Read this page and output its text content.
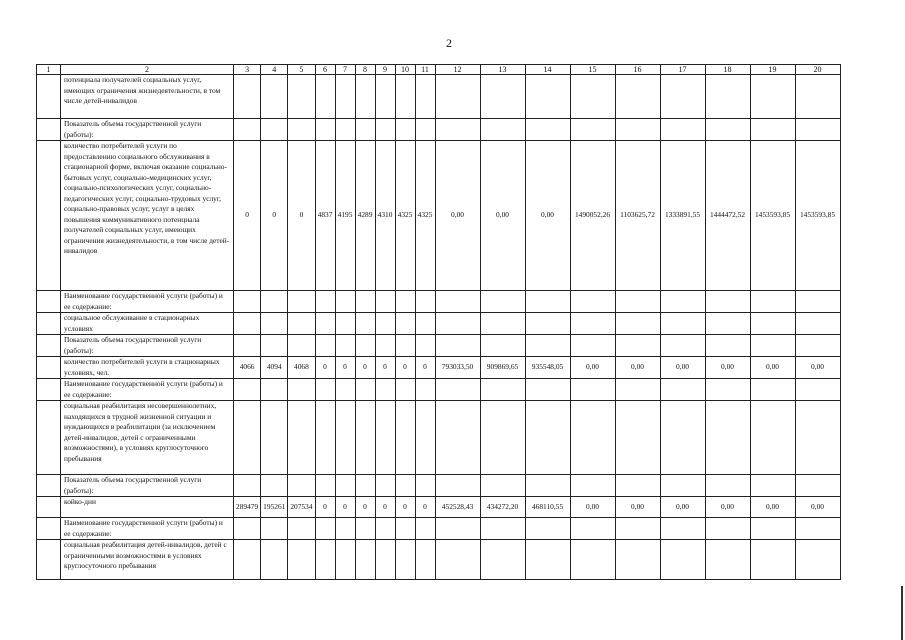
2
1	2	3	4	5	6	7	8	9	10	11	12	13	14	15	16	17	18	19	20
	потенциала получателей социальных услуг, имеющих ограничения жизнедеятельности, в том числе детей-инвалидов																		
	Показатель объема государственной услуги (работы):																		
	количество потребителей услуги по предоставлению социального обслуживания в стационарной форме, включая оказание социально-бытовых услуг, социально-медицинских услуг, социально-психологических услуг, социально-педагогических услуг, социально-трудовых услуг, социально-правовых услуг, услуг в целях повышения коммуникативного потенциала получателей социальных услуг, имеющих ограничения жизнедеятельности, в том числе детей-инвалидов	0	0	0	4837	4195	4289	4310	4325	4325	0,00	0,00	0,00	1490052,26	1103625,72	1333891,55	1444472,52	1453593,85	1453593,85
	Наименование государственной услуги (работы) и ее содержание:																		
	социальное обслуживание в стационарных условиях																		
	Показатель объема государственной услуги (работы):																		
	количество потребителей услуги в стационарных условиях, чел.	4066	4094	4068	0	0	0	0	0	0	793033,50	909869,65	935548,05	0,00	0,00	0,00	0,00	0,00	0,00
	Наименование государственной услуги (работы) и ее содержание:																		
	социальная реабилитация несовершеннолетних, находящихся в трудной жизненной ситуации и нуждающихся в реабилитации (за исключением детей-инвалидов, детей с ограниченными возможностями), в условиях круглосуточного пребывания																		
	Показатель объема государственной услуги (работы):																		
	койко-дни	289479	195261	207534	0	0	0	0	0	0	452528,43	434272,20	468110,55	0,00	0,00	0,00	0,00	0,00	0,00
	Наименование государственной услуги (работы) и ее содержание:																		
	социальная реабилитация детей-инвалидов, детей с ограниченными возможностями в условиях круглосуточного пребывания																		
